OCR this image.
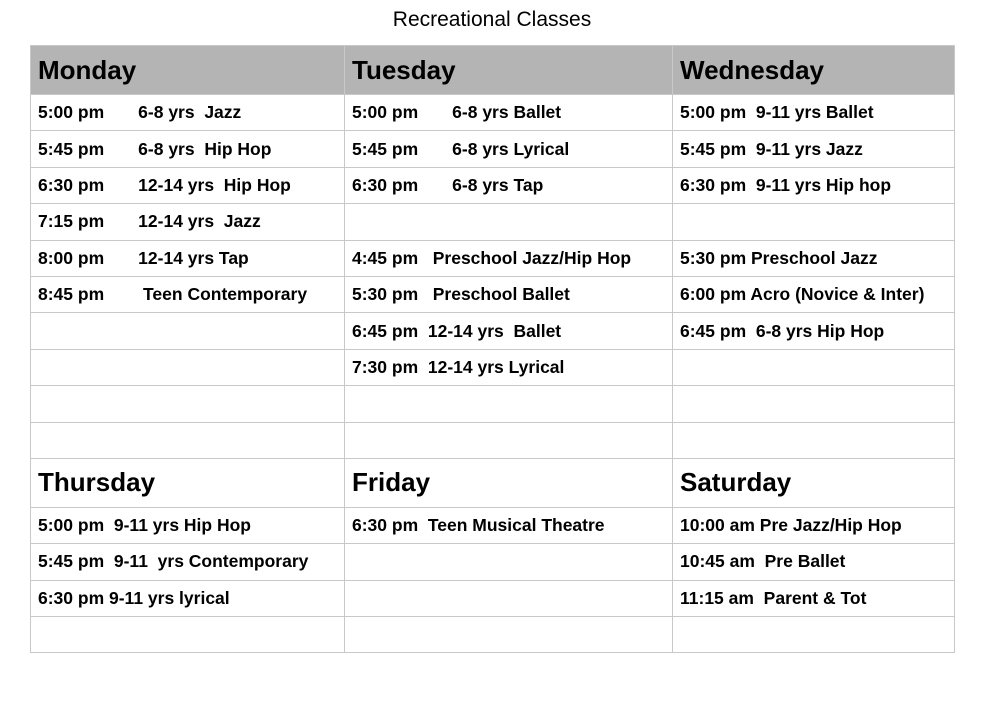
Recreational Classes
Monday	Tuesday	Wednesday
5:00 pm       6-8 yrs  Jazz	5:00 pm       6-8 yrs Ballet	5:00 pm  9-11 yrs Ballet
5:45 pm       6-8 yrs  Hip Hop	5:45 pm       6-8 yrs Lyrical	5:45 pm  9-11 yrs Jazz
6:30 pm       12-14 yrs  Hip Hop	6:30 pm       6-8 yrs Tap	6:30 pm  9-11 yrs Hip hop
7:15 pm       12-14 yrs  Jazz		
8:00 pm       12-14 yrs Tap	4:45 pm   Preschool Jazz/Hip Hop	5:30 pm Preschool Jazz
8:45 pm        Teen Contemporary	5:30 pm   Preschool Ballet	6:00 pm Acro (Novice & Inter)
	6:45 pm  12-14 yrs  Ballet	6:45 pm  6-8 yrs Hip Hop
	7:30 pm  12-14 yrs Lyrical	

Thursday	Friday	Saturday
5:00 pm  9-11 yrs Hip Hop	6:30 pm  Teen Musical Theatre	10:00 am Pre Jazz/Hip Hop
5:45 pm  9-11  yrs Contemporary		10:45 am  Pre Ballet
6:30 pm 9-11 yrs lyrical		11:15 am  Parent & Tot
